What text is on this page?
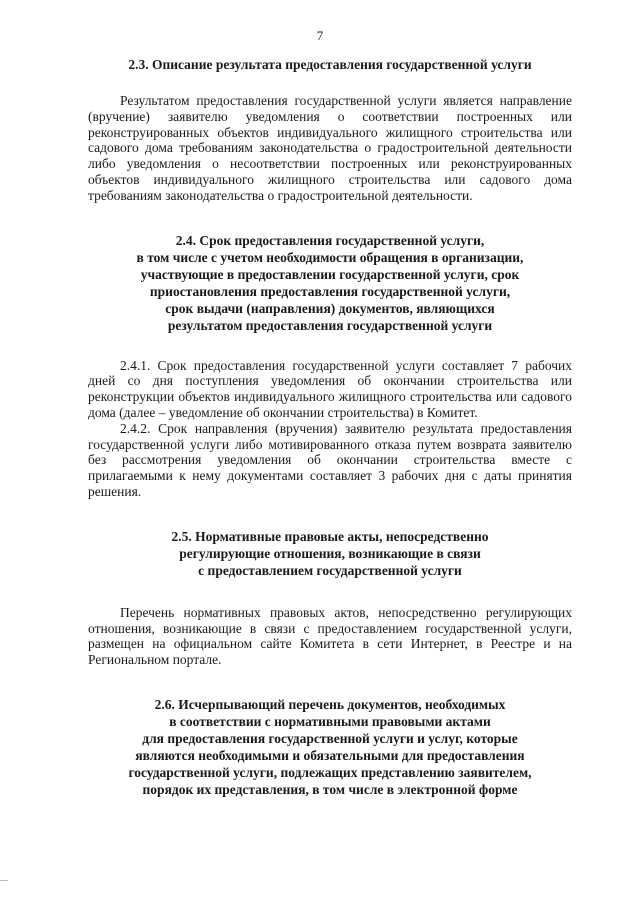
7
2.3. Описание результата предоставления государственной услуги

Результатом предоставления государственной услуги является направление (вручение) заявителю уведомления о соответствии построенных или реконструированных объектов индивидуального жилищного строительства или садового дома требованиям законодательства о градостроительной деятельности либо уведомления о несоответствии построенных или реконструированных объектов индивидуального жилищного строительства или садового дома требованиям законодательства о градостроительной деятельности.

2.4. Срок предоставления государственной услуги,
в том числе с учетом необходимости обращения в организации,
участвующие в предоставлении государственной услуги, срок
приостановления предоставления государственной услуги,
срок выдачи (направления) документов, являющихся
результатом предоставления государственной услуги

2.4.1. Срок предоставления государственной услуги составляет 7 рабочих дней со дня поступления уведомления об окончании строительства или реконструкции объектов индивидуального жилищного строительства или садового дома (далее – уведомление об окончании строительства) в Комитет.

2.4.2. Срок направления (вручения) заявителю результата предоставления государственной услуги либо мотивированного отказа путем возврата заявителю без рассмотрения уведомления об окончании строительства вместе с прилагаемыми к нему документами составляет 3 рабочих дня с даты принятия решения.

2.5. Нормативные правовые акты, непосредственно
регулирующие отношения, возникающие в связи
с предоставлением государственной услуги

Перечень нормативных правовых актов, непосредственно регулирующих отношения, возникающие в связи с предоставлением государственной услуги, размещен на официальном сайте Комитета в сети Интернет, в Реестре и на Региональном портале.

2.6. Исчерпывающий перечень документов, необходимых
в соответствии с нормативными правовыми актами
для предоставления государственной услуги и услуг, которые
являются необходимыми и обязательными для предоставления
государственной услуги, подлежащих представлению заявителем,
порядок их представления, в том числе в электронной форме
